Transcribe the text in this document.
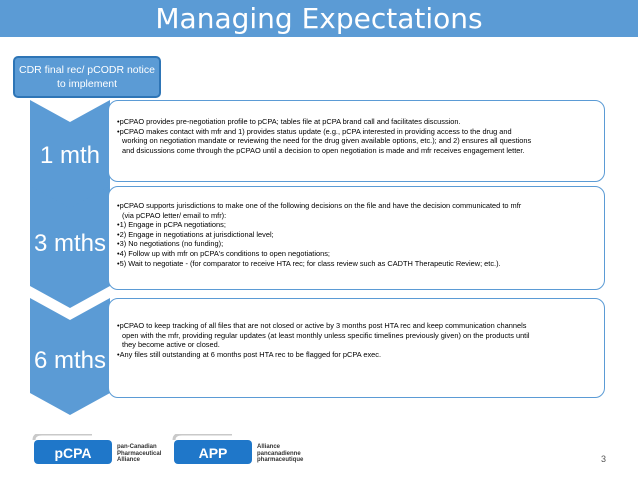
Managing Expectations
CDR final rec/ pCODR notice to implement
1 mth
3 mths
6 mths

•pCPAO provides pre-negotiation profile to pCPA; tables file at pCPA brand call and facilitates discussion.

•pCPAO makes contact with mfr and 1) provides status update (e.g., pCPA interested in providing access to the drug and

working on negotiation mandate or reviewing the need for the drug given available options, etc.); and 2) ensures all questions

and dsicussions come through the pCPAO until a decision to open negotiation is made and mfr receives engagement letter.

•pCPAO supports jurisdictions to make one of the following decisions on the file and have the decision communicated to mfr

(via pCPAO letter/ email to mfr):

•1) Engage in pCPA negotiations;

•2) Engage in negotiations at jurisdictional level;

•3) No negotiations (no funding);

•4) Follow up with mfr on pCPA's conditions to open negotiations;

•5) Wait to negotiate - (for comparator to receive HTA rec; for class review such as CADTH Therapeutic Review; etc.).

•pCPAO to keep tracking of all files that are not closed or active by 3 months post HTA rec and keep communication channels

open with the mfr, providing regular updates (at least monthly unless specific timelines previously given) on the products until

they become active or closed.

•Any files still outstanding at 6 months post HTA rec to be flagged for pCPA exec.

pCPA	pan-Canadian
Pharmaceutical
Alliance	APP	Alliance
pancanadienne
pharmaceutique	3
